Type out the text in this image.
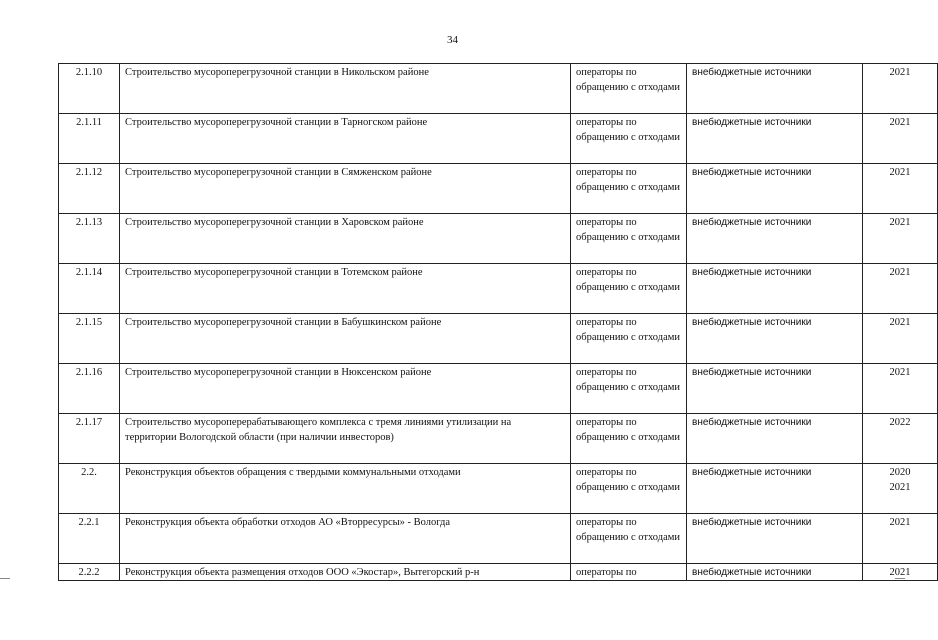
34
2.1.10	Строительство мусороперегрузочной станции в Никольском районе	операторы по обращению с отходами	внебюджетные источники	2021

2.1.11	Строительство мусороперегрузочной станции в Тарногском районе	операторы по обращению с отходами	внебюджетные источники	2021

2.1.12	Строительство мусороперегрузочной станции в Сямженском районе	операторы по обращению с отходами	внебюджетные источники	2021

2.1.13	Строительство мусороперегрузочной станции в Харовском районе	операторы по обращению с отходами	внебюджетные источники	2021

2.1.14	Строительство мусороперегрузочной станции в Тотемском районе	операторы по обращению с отходами	внебюджетные источники	2021

2.1.15	Строительство мусороперегрузочной станции в Бабушкинском районе	операторы по обращению с отходами	внебюджетные источники	2021

2.1.16	Строительство мусороперегрузочной станции в Нюксенском районе	операторы по обращению с отходами	внебюджетные источники	2021

2.1.17	Строительство мусороперерабатывающего комплекса с тремя линиями утилизации на территории Вологодской области (при наличии инвесторов)	операторы по обращению с отходами	внебюджетные источники	2022

2.2.	Реконструкция объектов обращения с твердыми коммунальными отходами	операторы по обращению с отходами	внебюджетные источники	2020
2021

2.2.1	Реконструкция объекта обработки отходов АО «Вторресурсы» - Вологда	операторы по обращению с отходами	внебюджетные источники	2021

2.2.2	Реконструкция объекта размещения отходов ООО «Экостар», Вытегорский р-н	операторы по	внебюджетные источники	2021
